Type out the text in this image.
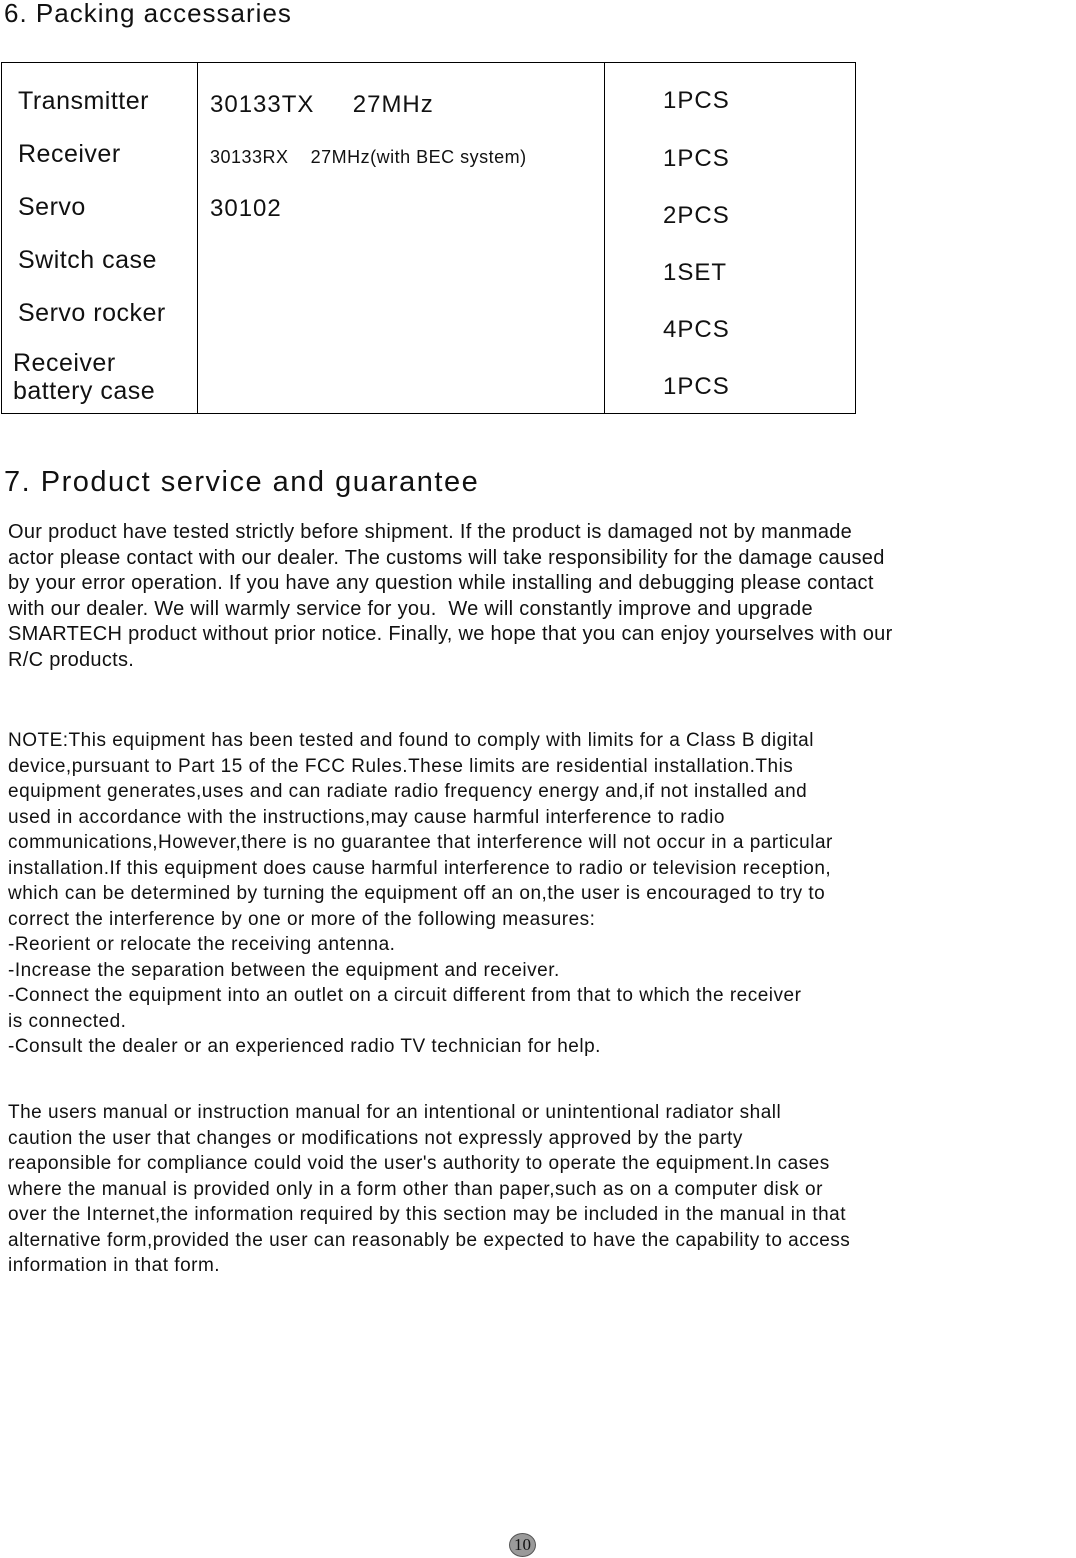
6. Packing accessaries
Transmitter
Receiver
Servo
Switch case
Servo rocker
Receiver
battery case
30133TX     27MHz
30133RX    27MHz(with BEC system)
30102
1PCS
1PCS
2PCS
1SET
4PCS
1PCS
7. Product service and guarantee

Our product have tested strictly before shipment. If the product is damaged not by manmade
actor please contact with our dealer. The customs will take responsibility for the damage caused
by your error operation. If you have any question while installing and debugging please contact
with our dealer. We will warmly service for you.  We will constantly improve and upgrade
SMARTECH product without prior notice. Finally, we hope that you can enjoy yourselves with our
R/C products.

NOTE:This equipment has been tested and found to comply with limits for a Class B digital
device,pursuant to Part 15 of the FCC Rules.These limits are residential installation.This
equipment generates,uses and can radiate radio frequency energy and,if not installed and
used in accordance with the instructions,may cause harmful interference to radio
communications,However,there is no guarantee that interference will not occur in a particular
installation.If this equipment does cause harmful interference to radio or television reception,
which can be determined by turning the equipment off an on,the user is encouraged to try to
correct the interference by one or more of the following measures:
-Reorient or relocate the receiving antenna.
-Increase the separation between the equipment and receiver.
-Connect the equipment into an outlet on a circuit different from that to which the receiver
is connected.
-Consult the dealer or an experienced radio TV technician for help.

The users manual or instruction manual for an intentional or unintentional radiator shall
caution the user that changes or modifications not expressly approved by the party
reaponsible for compliance could void the user's authority to operate the equipment.In cases
where the manual is provided only in a form other than paper,such as on a computer disk or
over the Internet,the information required by this section may be included in the manual in that
alternative form,provided the user can reasonably be expected to have the capability to access
information in that form.

10
